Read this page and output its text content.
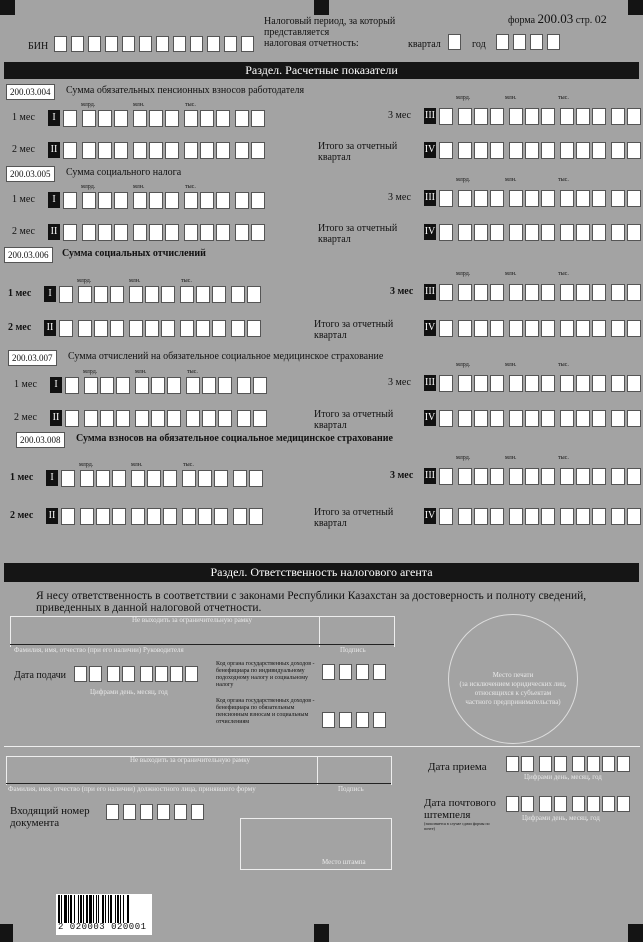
форма 200.03 стр. 02
БИН
Налоговый период, за который
представляется
налоговая отчетность:	квартал	год
Раздел. Расчетные показатели
200.03.004	Сумма обязательных пенсионных взносов работодателя
млрд.	млн.	тыс.
млрд.	млн.	тыс.
1 мес	I
2 мес II
3 мес III
Итого за отчетный
квартал
IV
200.03.005	Сумма социального налога
млрд.	млн.	тыс.
млрд.	млн.	тыс.
1 мес	I
2 мес II
3 мес III
Итого за отчетный
квартал
IV
200.03.006	Сумма социальных отчислений
млрд.	млн.	тыс.
млрд.	млн.	тыс.
1 мес	I
2 мес II
3 мес III
Итого за отчетный
квартал
IV
200.03.007	Сумма отчислений на обязательное социальное медицинское страхование
млрд.	млн.	тыс.
млрд.	млн.	тыс.
1 мес	I
2 мес II
3 мес III
Итого за отчетный
квартал
IV
200.03.008	Сумма взносов на обязательное социальное медицинское страхование
млрд.	млн.	тыс.
млрд.	млн.	тыс.
1 мес	I
2 мес II
3 мес III
Итого за отчетный
квартал
IV
Раздел. Ответственность налогового агента
Я несу ответственность в соответствии с законами Республики Казахстан за достоверность и полноту сведений,
приведенных в данной налоговой отчетности.
Не выходить за ограничительную рамку
Фамилия, имя, отчество (при его наличии) Руководителя	Подпись
Дата подачи
Цифрами день, месяц, год
Код органа государственных доходов - бенефициара по индивидуальному подоходному налогу и социальному налогу
Код органа государственных доходов - бенефициара по обязательным пенсионным взносам и социальным отчислениям
Место печати
(за исключением юридических лиц,
относящихся к субъектам
частного предпринимательства)
Не выходить за ограничительную рамку
Фамилия, имя, отчество (при его наличии) должностного лица, принявшего форму	Подпись
Дата приема
Цифрами день, месяц, год
Дата почтового
штемпеля
(заполняется в случае сдачи формы по почте)
Цифрами день, месяц, год
Входящий номер
документа
Место штампа
2 020003 020001
